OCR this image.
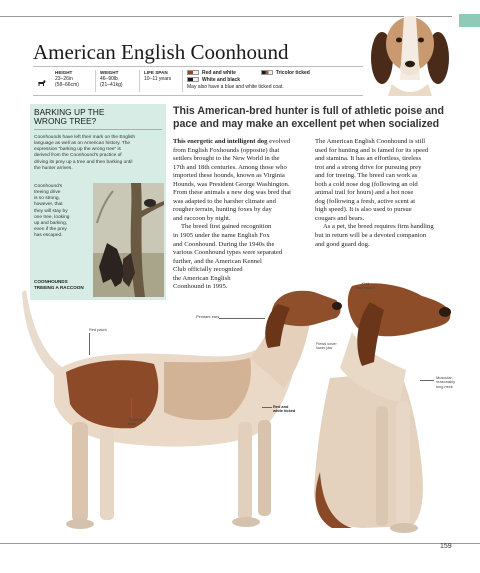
American English Coonhound
HEIGHT
23–26in
(58–66cm)
WEIGHT
46–90lb
(21–41kg)
LIFE SPAN
10–11 years
Red and white	Tricolor ticked
White and black
May also have a blue and white ticked coat.
BARKING UP THE
WRONG TREE?
Coonhounds have left their mark on the English
language as well as on American history. The
expression “barking up the wrong tree” is
derived from the Coonhound’s practice of
driving its prey up a tree and then barking until
the hunter arrives.
Coonhound’s
treeing drive
is so strong,
however, that
they will stay by
one tree, looking
up and barking,
even if the prey
has escaped.
COONHOUNDS
TREEING A RACCOON
This American-bred hunter is full of athletic poise and
pace and may make an excellent pet when socialized
This energetic and intelligent dog evolved
from English Foxhounds (opposite) that
settlers brought to the New World in the
17th and 18th centuries. Among those who
imported these hounds, known as Virginia
Hounds, was President George Washington.
From these animals a new dog was bred that
was adapted to the harsher climate and
rougher terrain, hunting foxes by day
and raccoon by night.
The breed first gained recognition
in 1905 under the name English Fox
and Coonhound. During the 1940s the
various Coonhound types were separated
further, and the American Kennel
Club officially recognized
the American English
Coonhound in 1995.
The American English Coonhound is still
used for hunting and is famed for its speed
and stamina. It has an effortless, tireless
trot and a strong drive for pursuing prey
and for treeing. The breed can work as
both a cold nose dog (following an old
animal trail for hours) and a hot nose
dog (following a fresh, active scent at
high speed). It is also used to pursue
cougars and bears.
As a pet, the breed requires firm handling
but in return will be a devoted companion
and good guard dog.
Pendant ears
Red patch
Tucked-up
belly
Red and
white ticked
Kind
expression
Flews cover
lower jaw
Muscular,
reasonably
long neck
159
